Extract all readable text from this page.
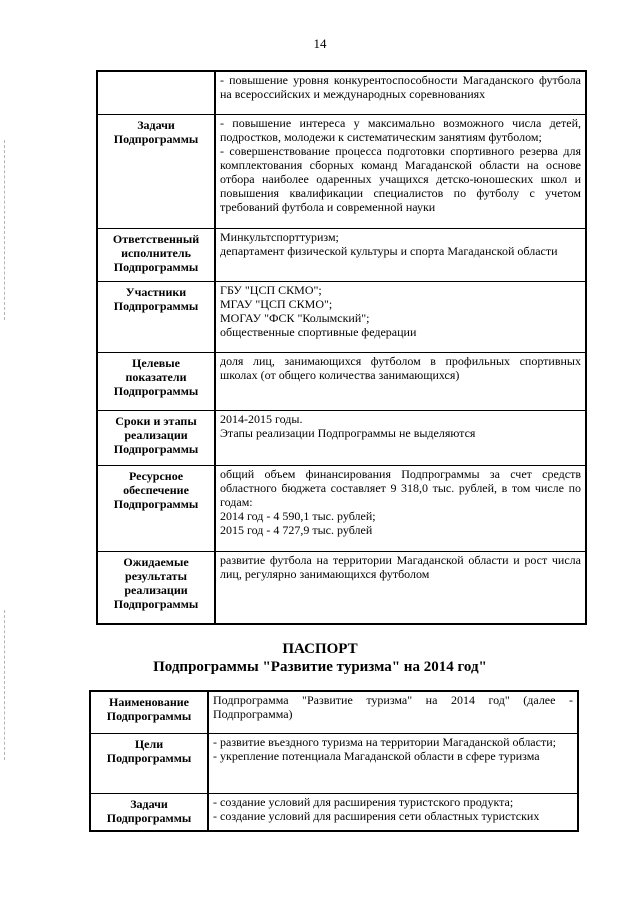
14

	- повышение уровня конкурентоспособности Магаданского футбола на всероссийских и международных соревнованиях

Задачи Подпрограммы	- повышение интереса у максимально возможного числа детей, подростков, молодежи к систематическим занятиям футболом;
- совершенствование процесса подготовки спортивного резерва для комплектования сборных команд Магаданской области на основе отбора наиболее одаренных учащихся детско-юношеских школ и повышения квалификации специалистов по футболу с учетом требований футбола и современной науки

Ответственный исполнитель Подпрограммы	Минкультспорттуризм;
департамент физической культуры и спорта Магаданской области

Участники Подпрограммы	ГБУ "ЦСП СКМО";
МГАУ "ЦСП СКМО";
МОГАУ "ФСК "Колымский";
общественные спортивные федерации

Целевые показатели Подпрограммы	доля лиц, занимающихся футболом в профильных спортивных школах (от общего количества занимающихся)

Сроки и этапы реализации Подпрограммы	2014-2015 годы.
Этапы реализации Подпрограммы не выделяются

Ресурсное обеспечение Подпрограммы	общий объем финансирования Подпрограммы за счет средств областного бюджета составляет 9 318,0 тыс. рублей, в том числе по годам:
2014 год - 4 590,1 тыс. рублей;
2015 год - 4 727,9 тыс. рублей

Ожидаемые результаты реализации Подпрограммы	развитие футбола на территории Магаданской области и рост числа лиц, регулярно занимающихся футболом
ПАСПОРТ
Подпрограммы "Развитие туризма" на 2014 год"
Наименование Подпрограммы	Подпрограмма "Развитие туризма" на 2014 год" (далее - Подпрограмма)

Цели Подпрограммы	- развитие въездного туризма на территории Магаданской области;
- укрепление потенциала Магаданской области в сфере туризма

Задачи Подпрограммы	- создание условий для расширения туристского продукта;
- создание условий для расширения сети областных туристских
